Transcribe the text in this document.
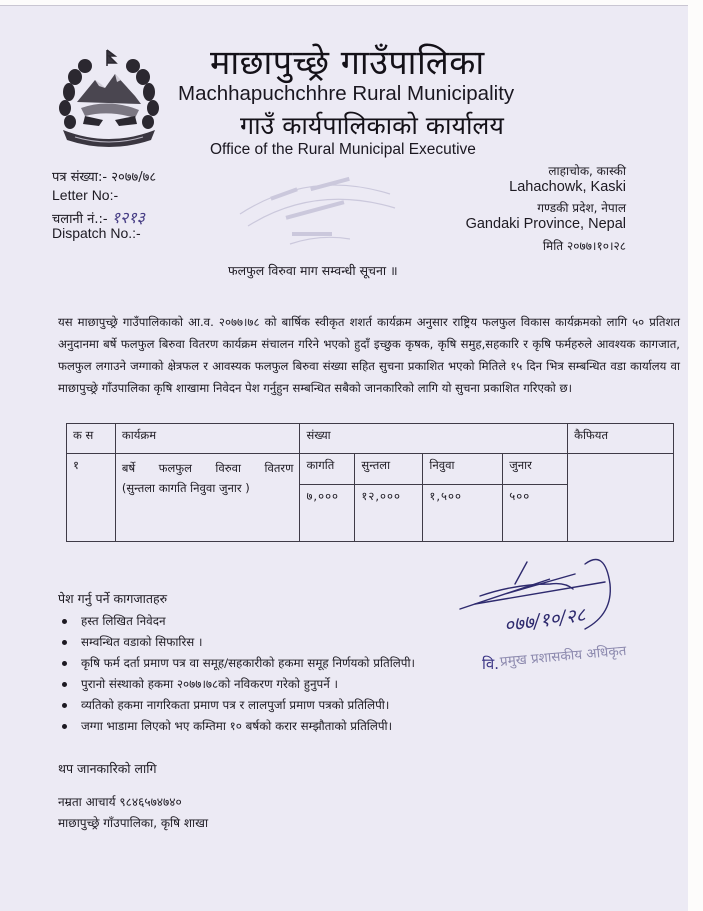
माछापुच्छ्रे गाउँपालिका
Machhapuchchhre Rural Municipality
गाउँ कार्यपालिकाको कार्यालय
Office of the Rural Municipal Executive
पत्र संख्या:- २०७७/७८
Letter No:-
चलानी नं.:- १२१३
Dispatch No.:-
लाहाचोक, कास्की
Lahachowk, Kaski
गण्डकी प्रदेश, नेपाल
Gandaki Province, Nepal
मिति २०७७।१०।२८
फलफुल विरुवा माग सम्वन्धी सूचना ॥
यस माछापुच्छ्रे गाउँपालिकाको आ.व. २०७७।७८ को बार्षिक स्वीकृत शशर्त कार्यक्रम अनुसार राष्ट्रिय फलफुल विकास कार्यक्रमको लागि ५० प्रतिशत अनुदानमा बर्षे फलफुल बिरुवा वितरण कार्यक्रम संचालन गरिने भएको हुदाँ इच्छुक कृषक, कृषि समुह,सहकारि र कृषि फर्महरुले आवश्यक कागजात, फलफुल लगाउने जग्गाको क्षेत्रफल र आवस्यक फलफुल बिरुवा संख्या सहित सुचना प्रकाशित भएको मितिले १५ दिन भित्र सम्बन्धित वडा कार्यालय वा माछापुच्छ्रे गाँउपालिका कृषि शाखामा निवेदन पेश गर्नुहुन सम्बन्धित सबैको जानकारिको लागि यो सुचना प्रकाशित गरिएको छ।
क स	कार्यक्रम	संख्या				कैफियत
१	बर्षे फलफुल विरुवा वितरण
(सुन्तला कागति निवुवा जुनार )	कागति	सुन्तला	निवुवा	जुनार	
		७,०००	१२,०००	१,५००	५००	
पेश गर्नु पर्ने कागजातहरु
हस्त लिखित निवेदन
सम्वन्धित वडाको सिफारिस ।
कृषि फर्म दर्ता प्रमाण पत्र वा समूह/सहकारीको हकमा समूह निर्णयको प्रतिलिपी।
पुरानो संस्थाको हकमा २०७७।७८को नविकरण गरेको हुनुपर्ने ।
व्यतिको हकमा नागरिकता प्रमाण पत्र र लालपुर्जा प्रमाण पत्रको प्रतिलिपी।
जग्गा भाडामा लिएको भए कम्तिमा १० बर्षको करार सम्झौताको प्रतिलिपी।
०७७/१०/२८
वि. प्रमुख प्रशासकीय अधिकृत
थप जानकारिको लागि
नम्रता आचार्य ९८४६५७४७४०
माछापुच्छ्रे गाँउपालिका, कृषि शाखा
